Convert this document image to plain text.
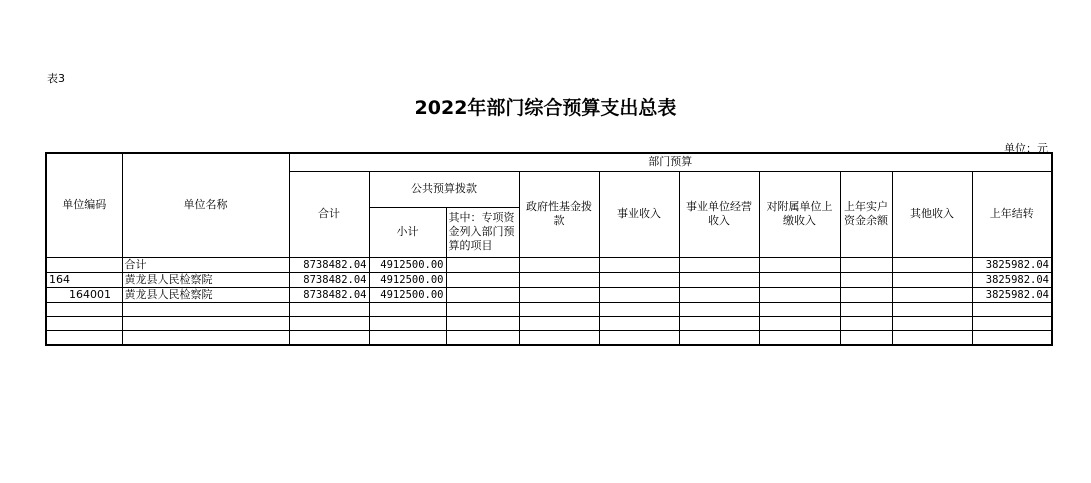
表3
2022年部门综合预算支出总表
单位：元
单位编码	单位名称	部门预算									
		合计	公共预算拨款		政府性基金拨款	事业收入	事业单位经营收入	对附属单位上缴收入	上年实户资金余额	其他收入	上年结转
			小计	其中：专项资金列入部门预算的项目							
	合计	8738482.04	4912500.00								3825982.04
164	黄龙县人民检察院	8738482.04	4912500.00								3825982.04
164001	黄龙县人民检察院	8738482.04	4912500.00								3825982.04
